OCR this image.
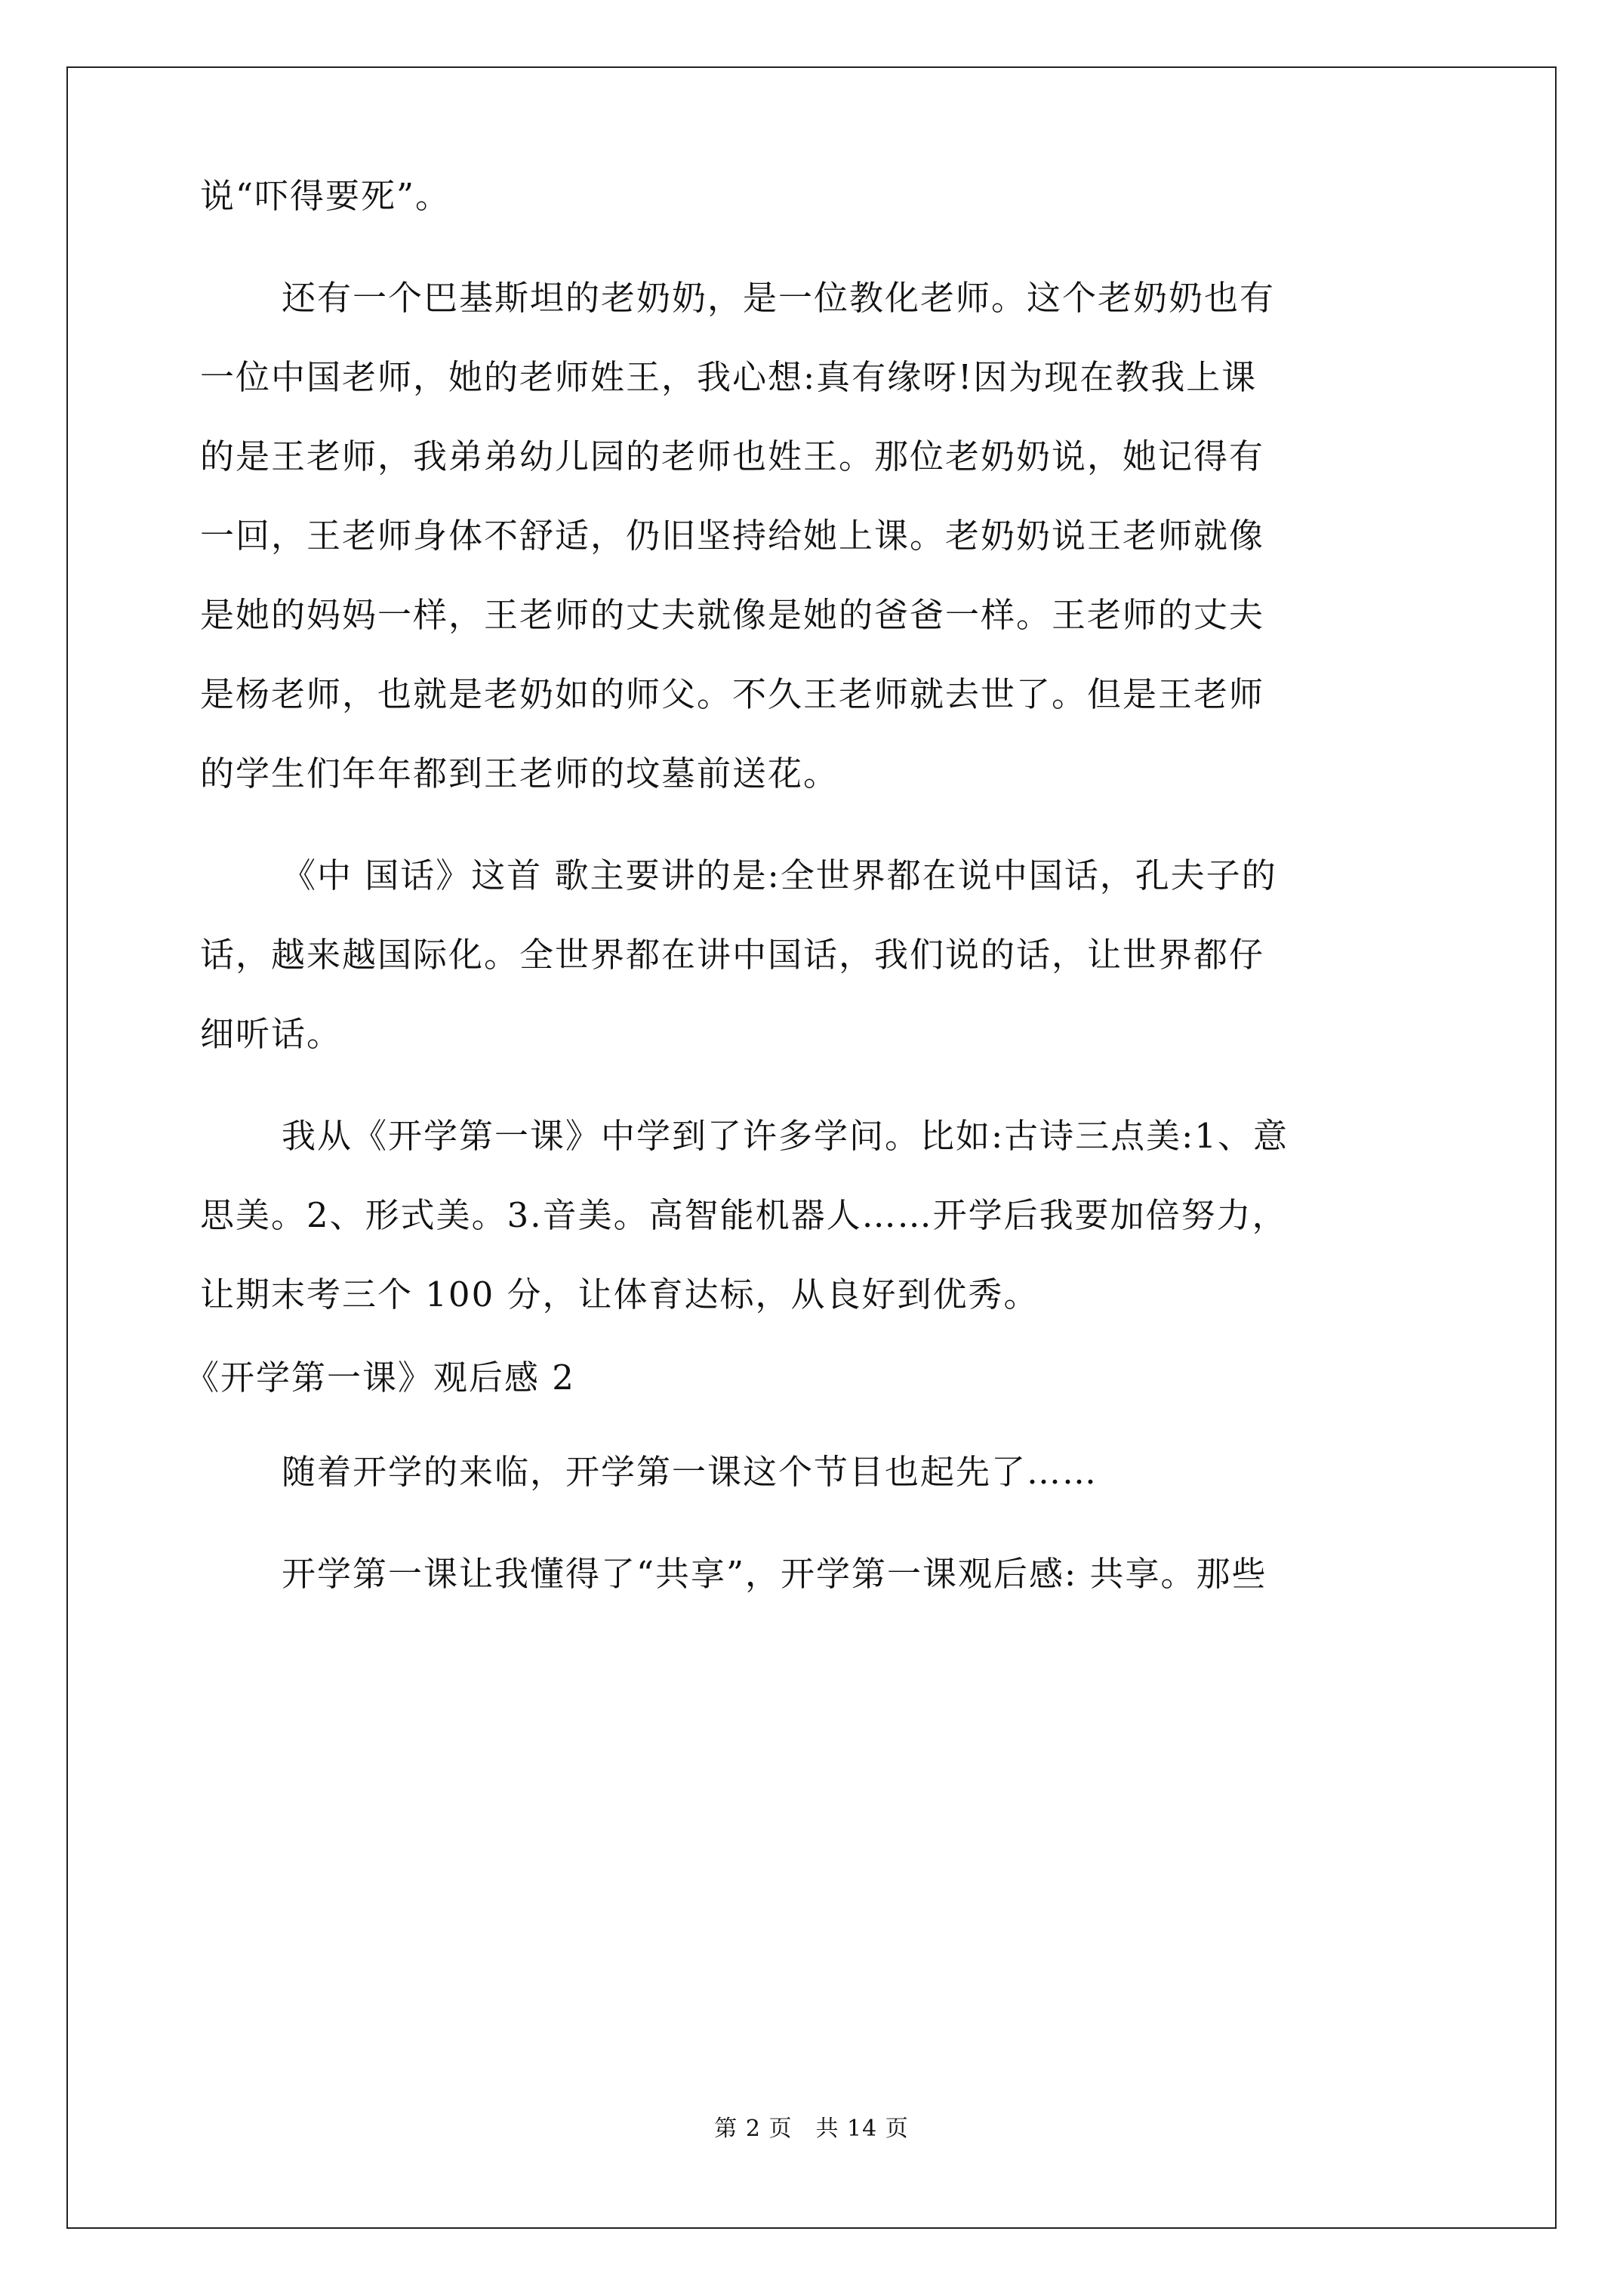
说“吓得要死”。
还有一个巴基斯坦的老奶奶，是一位教化老师。这个老奶奶也有
一位中国老师，她的老师姓王，我心想:真有缘呀!因为现在教我上课
的是王老师，我弟弟幼儿园的老师也姓王。那位老奶奶说，她记得有
一回，王老师身体不舒适，仍旧坚持给她上课。老奶奶说王老师就像
是她的妈妈一样，王老师的丈夫就像是她的爸爸一样。王老师的丈夫
是杨老师，也就是老奶如的师父。不久王老师就去世了。但是王老师
的学生们年年都到王老师的坟墓前送花。
《中 国话》这首 歌主要讲的是:全世界都在说中国话，孔夫子的
话，越来越国际化。全世界都在讲中国话，我们说的话，让世界都仔
细听话。
我从《开学第一课》中学到了许多学问。比如:古诗三点美:1、意
思美。2、形式美。3.音美。高智能机器人……开学后我要加倍努力，
让期末考三个 100 分，让体育达标，从良好到优秀。
《开学第一课》观后感 2
随着开学的来临，开学第一课这个节目也起先了……
开学第一课让我懂得了“共享”，开学第一课观后感: 共享。那些
第 2 页　共 14 页
